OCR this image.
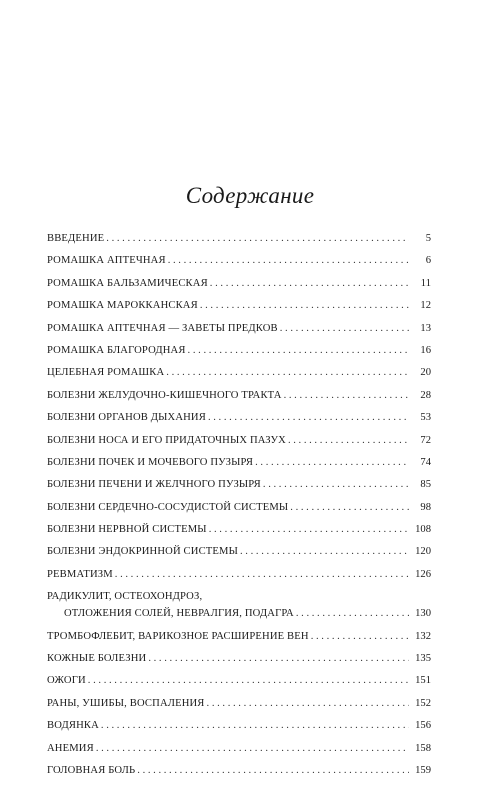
Содержание
ВВЕДЕНИЕ . . .	5
РОМАШКА АПТЕЧНАЯ . . .	6
РОМАШКА БАЛЬЗАМИЧЕСКАЯ . . .	11
РОМАШКА МАРОККАНСКАЯ . . .	12
РОМАШКА АПТЕЧНАЯ — ЗАВЕТЫ ПРЕДКОВ . . .	13
РОМАШКА БЛАГОРОДНАЯ . . .	16
ЦЕЛЕБНАЯ РОМАШКА . . .	20
БОЛЕЗНИ ЖЕЛУДОЧНО-КИШЕЧНОГО ТРАКТА . . .	28
БОЛЕЗНИ ОРГАНОВ ДЫХАНИЯ . . .	53
БОЛЕЗНИ НОСА И ЕГО ПРИДАТОЧНЫХ ПАЗУХ . . .	72
БОЛЕЗНИ ПОЧЕК И МОЧЕВОГО ПУЗЫРЯ . . .	74
БОЛЕЗНИ ПЕЧЕНИ И ЖЕЛЧНОГО ПУЗЫРЯ . . .	85
БОЛЕЗНИ СЕРДЕЧНО-СОСУДИСТОЙ СИСТЕМЫ . . .	98
БОЛЕЗНИ НЕРВНОЙ СИСТЕМЫ . . .	108
БОЛЕЗНИ ЭНДОКРИННОЙ СИСТЕМЫ . . .	120
РЕВМАТИЗМ . . .	126
РАДИКУЛИТ, ОСТЕОХОНДРОЗ,
ОТЛОЖЕНИЯ СОЛЕЙ, НЕВРАЛГИЯ, ПОДАГРА . . .	130
ТРОМБОФЛЕБИТ, ВАРИКОЗНОЕ РАСШИРЕНИЕ ВЕН . . .	132
КОЖНЫЕ БОЛЕЗНИ . . .	135
ОЖОГИ . . .	151
РАНЫ, УШИБЫ, ВОСПАЛЕНИЯ . . .	152
ВОДЯНКА . . .	156
АНЕМИЯ . . .	158
ГОЛОВНАЯ БОЛЬ . . .	159
